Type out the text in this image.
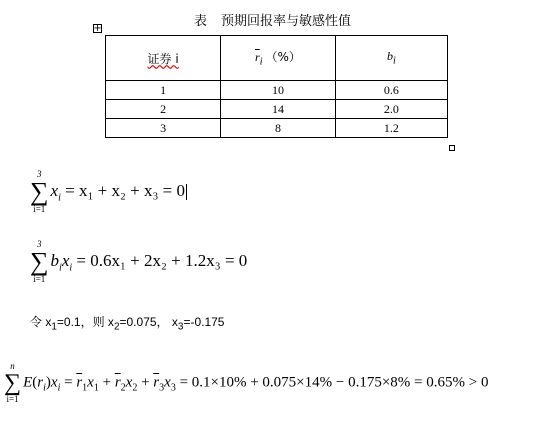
表 预期回报率与敏感性值
+
证券 i	$\overline{r}_i$ （%）	$b_i$
1	10	0.6
2	14	2.0
3	8	1.2
3
∑
i=1
$x_i = x_1 + x_2 + x_3 = 0$
3
∑
i=1
$b_ix_i = 0.6x_1 + 2x_2 + 1.2x_3 = 0$
令 $x_1=0.1$，则 $x_2=0.075$， $x_3=-0.175$
n
∑
i=1
$E(r_i)x_i = \overline{r}_1x_1 + \overline{r}_2x_2 + \overline{r}_3x_3 = 0.1\times 10\% + 0.075\times 14\% - 0.175\times 8\% = 0.65\% > 0$
